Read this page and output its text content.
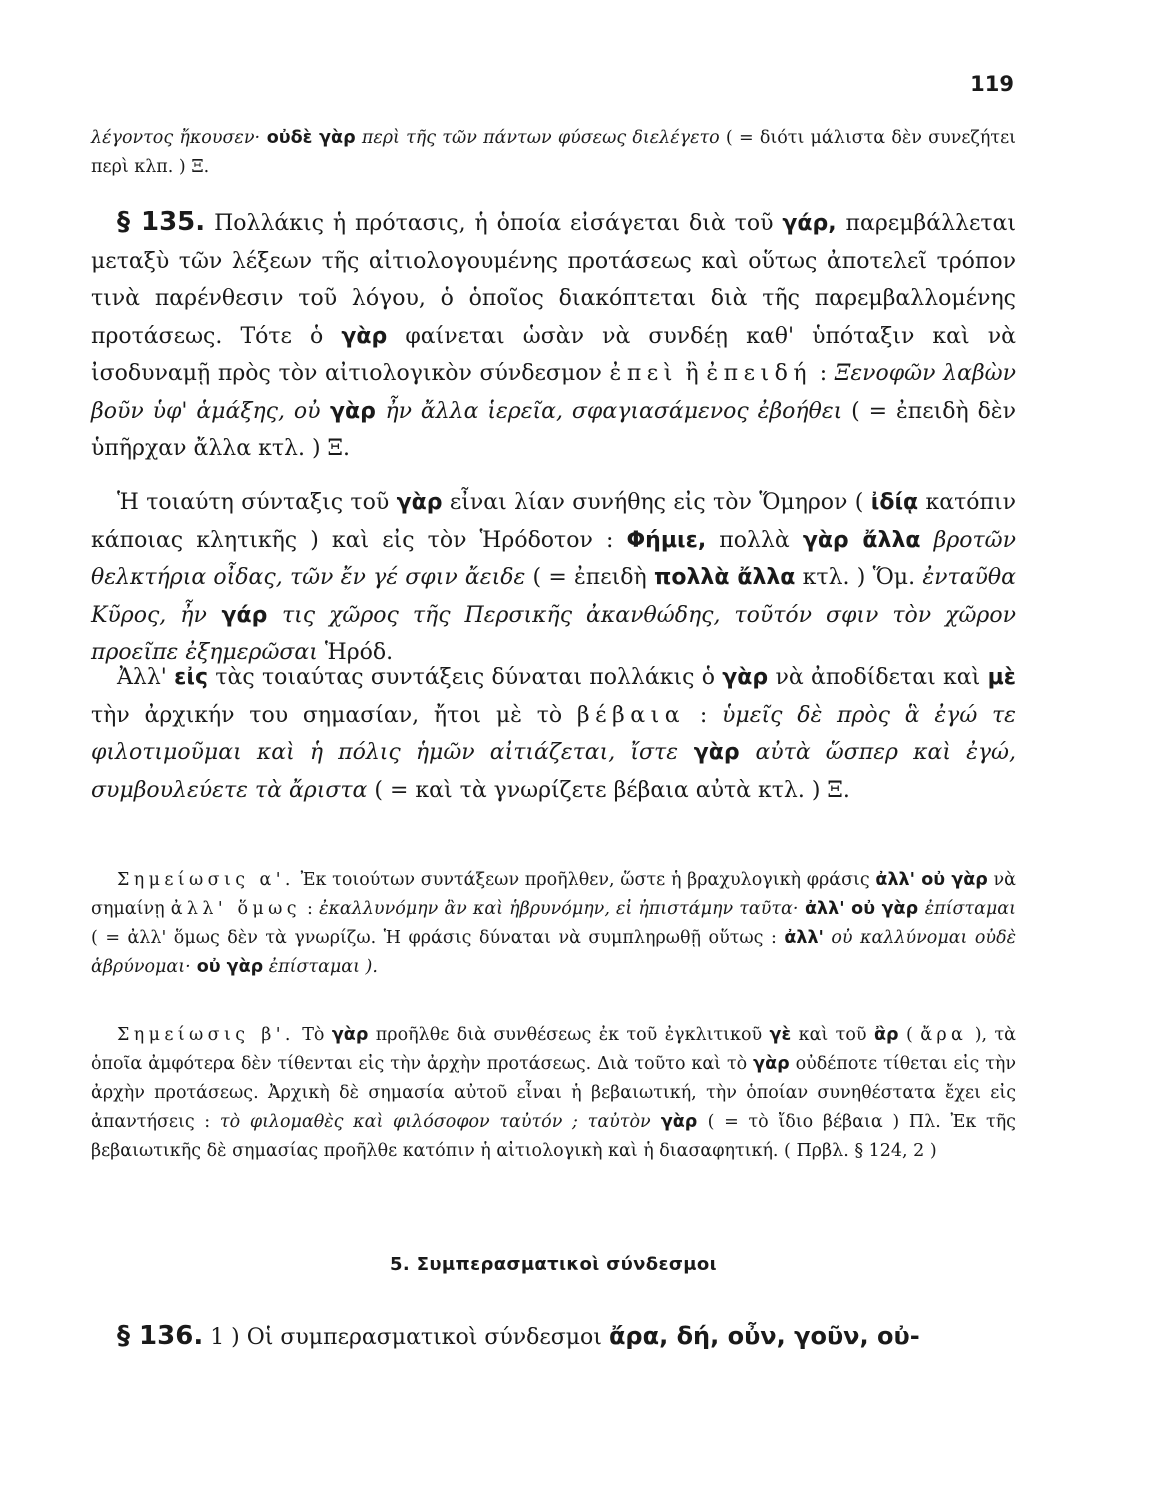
119
λέγοντος ἤκουσεν· οὐδὲ γὰρ περὶ τῆς τῶν πάντων φύσεως διελέγετο ( = διότι μάλιστα δὲν συνεζήτει περὶ κλπ. ) Ξ.
§ 135. Πολλάκις ἡ πρότασις, ἡ ὁποία εἰσάγεται διὰ τοῦ γάρ, παρεμβάλλεται μεταξὺ τῶν λέξεων τῆς αἰτιολογουμένης προτάσεως καὶ οὕτως ἀποτελεῖ τρόπον τινὰ παρένθεσιν τοῦ λόγου, ὁ ὁποῖος διακόπτεται διὰ τῆς παρεμβαλλομένης προτάσεως. Τότε ὁ γὰρ φαίνεται ὡσὰν νὰ συνδέῃ καθ' ὑπόταξιν καὶ νὰ ἰσοδυναμῇ πρὸς τὸν αἰτιολογικὸν σύνδεσμον ἐπεὶ ἢ ἐπειδή : Ξενοφῶν λαβὼν βοῦν ὑφ' ἁμάξης, οὐ γὰρ ἦν ἄλλα ἱερεῖα, σφαγιασάμενος ἐβοήθει ( = ἐπειδὴ δὲν ὑπῆρχαν ἄλλα κτλ. ) Ξ.
Ἡ τοιαύτη σύνταξις τοῦ γὰρ εἶναι λίαν συνήθης εἰς τὸν Ὅμηρον ( ἰδίᾳ κατόπιν κάποιας κλητικῆς ) καὶ εἰς τὸν Ἡρόδοτον : Φήμιε, πολλὰ γὰρ ἄλλα βροτῶν θελκτήρια οἶδας, τῶν ἔν γέ σφιν ἄειδε ( = ἐπειδὴ πολλὰ ἄλλα κτλ. ) Ὅμ. ἐνταῦθα Κῦρος, ἦν γάρ τις χῶρος τῆς Περσικῆς ἀκανθώδης, τοῦτόν σφιν τὸν χῶρον προεῖπε ἐξημερῶσαι Ἡρόδ.
Ἀλλ' εἰς τὰς τοιαύτας συντάξεις δύναται πολλάκις ὁ γὰρ νὰ ἀποδίδεται καὶ μὲ τὴν ἀρχικήν του σημασίαν, ἤτοι μὲ τὸ βέβαια : ὑμεῖς δὲ πρὸς ἃ ἐγώ τε φιλοτιμοῦμαι καὶ ἡ πόλις ἡμῶν αἰτιάζεται, ἴστε γὰρ αὐτὰ ὥσπερ καὶ ἐγώ, συμβουλεύετε τὰ ἄριστα ( = καὶ τὰ γνωρίζετε βέβαια αὐτὰ κτλ. ) Ξ.
Σημείωσις α'. Ἐκ τοιούτων συντάξεων προῆλθεν, ὥστε ἡ βραχυλογικὴ φράσις ἀλλ' οὐ γὰρ νὰ σημαίνῃ ἀλλ' ὅμως : ἐκαλλυνόμην ἂν καὶ ἡβρυνόμην, εἰ ἠπιστάμην ταῦτα· ἀλλ' οὐ γὰρ ἐπίσταμαι ( = ἀλλ' ὅμως δὲν τὰ γνωρίζω. Ἡ φράσις δύναται νὰ συμπληρωθῇ οὕτως : ἀλλ' οὐ καλλύνομαι οὐδὲ ἁβρύνομαι· οὐ γὰρ ἐπίσταμαι ).
Σημείωσις β'. Τὸ γὰρ προῆλθε διὰ συνθέσεως ἐκ τοῦ ἐγκλιτικοῦ γὲ καὶ τοῦ ἂρ ( ἄρα ), τὰ ὁποῖα ἀμφότερα δὲν τίθενται εἰς τὴν ἀρχὴν προτάσεως. Διὰ τοῦτο καὶ τὸ γὰρ οὐδέποτε τίθεται εἰς τὴν ἀρχὴν προτάσεως. Ἀρχικὴ δὲ σημασία αὐτοῦ εἶναι ἡ βεβαιωτική, τὴν ὁποίαν συνηθέστατα ἔχει εἰς ἀπαντήσεις : τὸ φιλομαθὲς καὶ φιλόσοφον ταὐτόν ; ταὐτὸν γὰρ ( = τὸ ἴδιο βέβαια ) Πλ. Ἐκ τῆς βεβαιωτικῆς δὲ σημασίας προῆλθε κατόπιν ἡ αἰτιολογικὴ καὶ ἡ διασαφητική. ( Πρβλ. § 124, 2 )
5. Συμπερασματικοὶ σύνδεσμοι
§ 136. 1 ) Οἱ συμπερασματικοὶ σύνδεσμοι ἄρα, δή, οὖν, γοῦν, οὐ-
